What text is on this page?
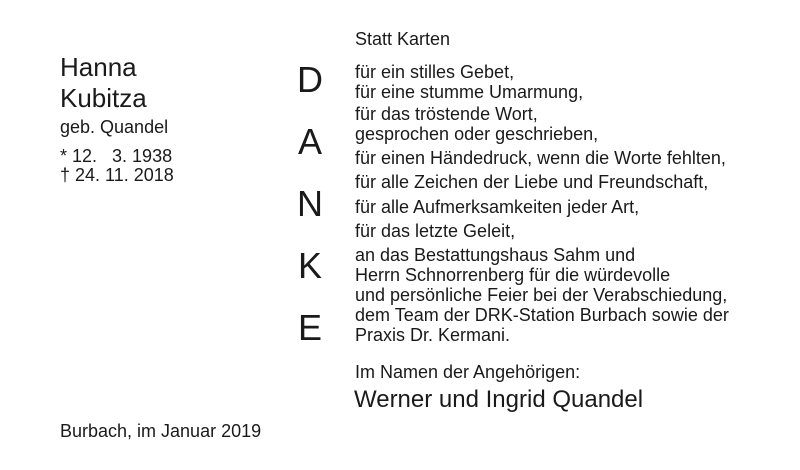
Hanna
Kubitza
geb. Quandel
* 12.   3. 1938
† 24. 11. 2018
D
A
N
K
E
Statt Karten
für ein stilles Gebet,
für eine stumme Umarmung,
für das tröstende Wort,
gesprochen oder geschrieben,
für einen Händedruck, wenn die Worte fehlten,
für alle Zeichen der Liebe und Freundschaft,
für alle Aufmerksamkeiten jeder Art,
für das letzte Geleit,
an das Bestattungshaus Sahm und
Herrn Schnorrenberg für die würdevolle
und persönliche Feier bei der Verabschiedung,
dem Team der DRK-Station Burbach sowie der
Praxis Dr. Kermani.
Im Namen der Angehörigen:
Werner und Ingrid Quandel
Burbach, im Januar 2019
